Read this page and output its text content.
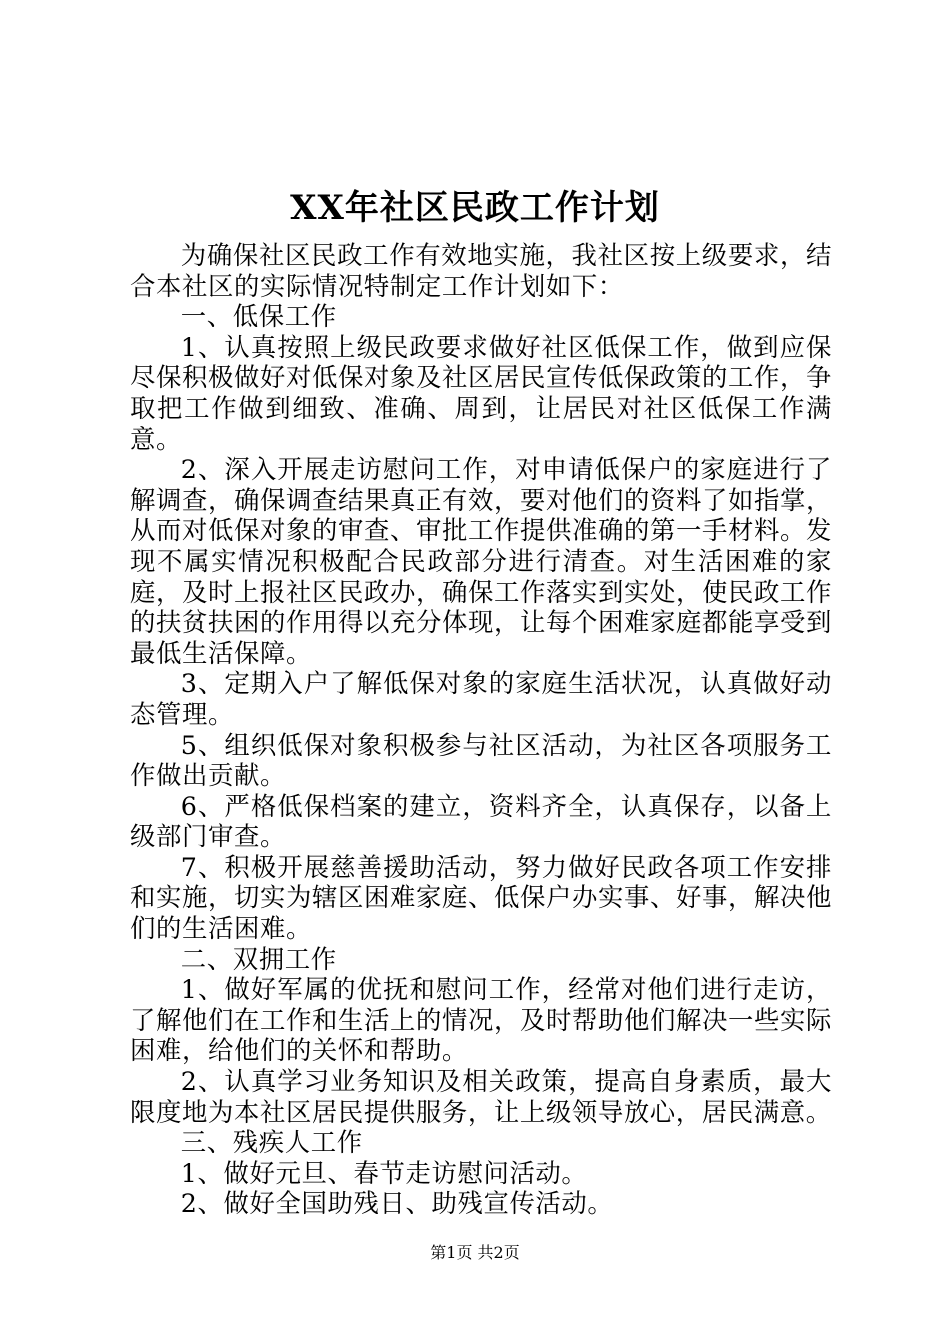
XX年社区民政工作计划

为确保社区民政工作有效地实施，我社区按上级要求，结合本社区的实际情况特制定工作计划如下：

一、低保工作

1、认真按照上级民政要求做好社区低保工作，做到应保尽保积极做好对低保对象及社区居民宣传低保政策的工作，争取把工作做到细致、准确、周到，让居民对社区低保工作满意。

2、深入开展走访慰问工作，对申请低保户的家庭进行了解调查，确保调查结果真正有效，要对他们的资料了如指掌，从而对低保对象的审查、审批工作提供准确的第一手材料。发现不属实情况积极配合民政部分进行清查。对生活困难的家庭，及时上报社区民政办，确保工作落实到实处，使民政工作的扶贫扶困的作用得以充分体现，让每个困难家庭都能享受到最低生活保障。

3、定期入户了解低保对象的家庭生活状况，认真做好动态管理。

5、组织低保对象积极参与社区活动，为社区各项服务工作做出贡献。

6、严格低保档案的建立，资料齐全，认真保存，以备上级部门审查。

7、积极开展慈善援助活动，努力做好民政各项工作安排和实施，切实为辖区困难家庭、低保户办实事、好事，解决他们的生活困难。

二、双拥工作

1、做好军属的优抚和慰问工作，经常对他们进行走访，了解他们在工作和生活上的情况，及时帮助他们解决一些实际困难，给他们的关怀和帮助。

2、认真学习业务知识及相关政策，提高自身素质，最大限度地为本社区居民提供服务，让上级领导放心，居民满意。

三、残疾人工作

1、做好元旦、春节走访慰问活动。

2、做好全国助残日、助残宣传活动。

第1页 共2页
